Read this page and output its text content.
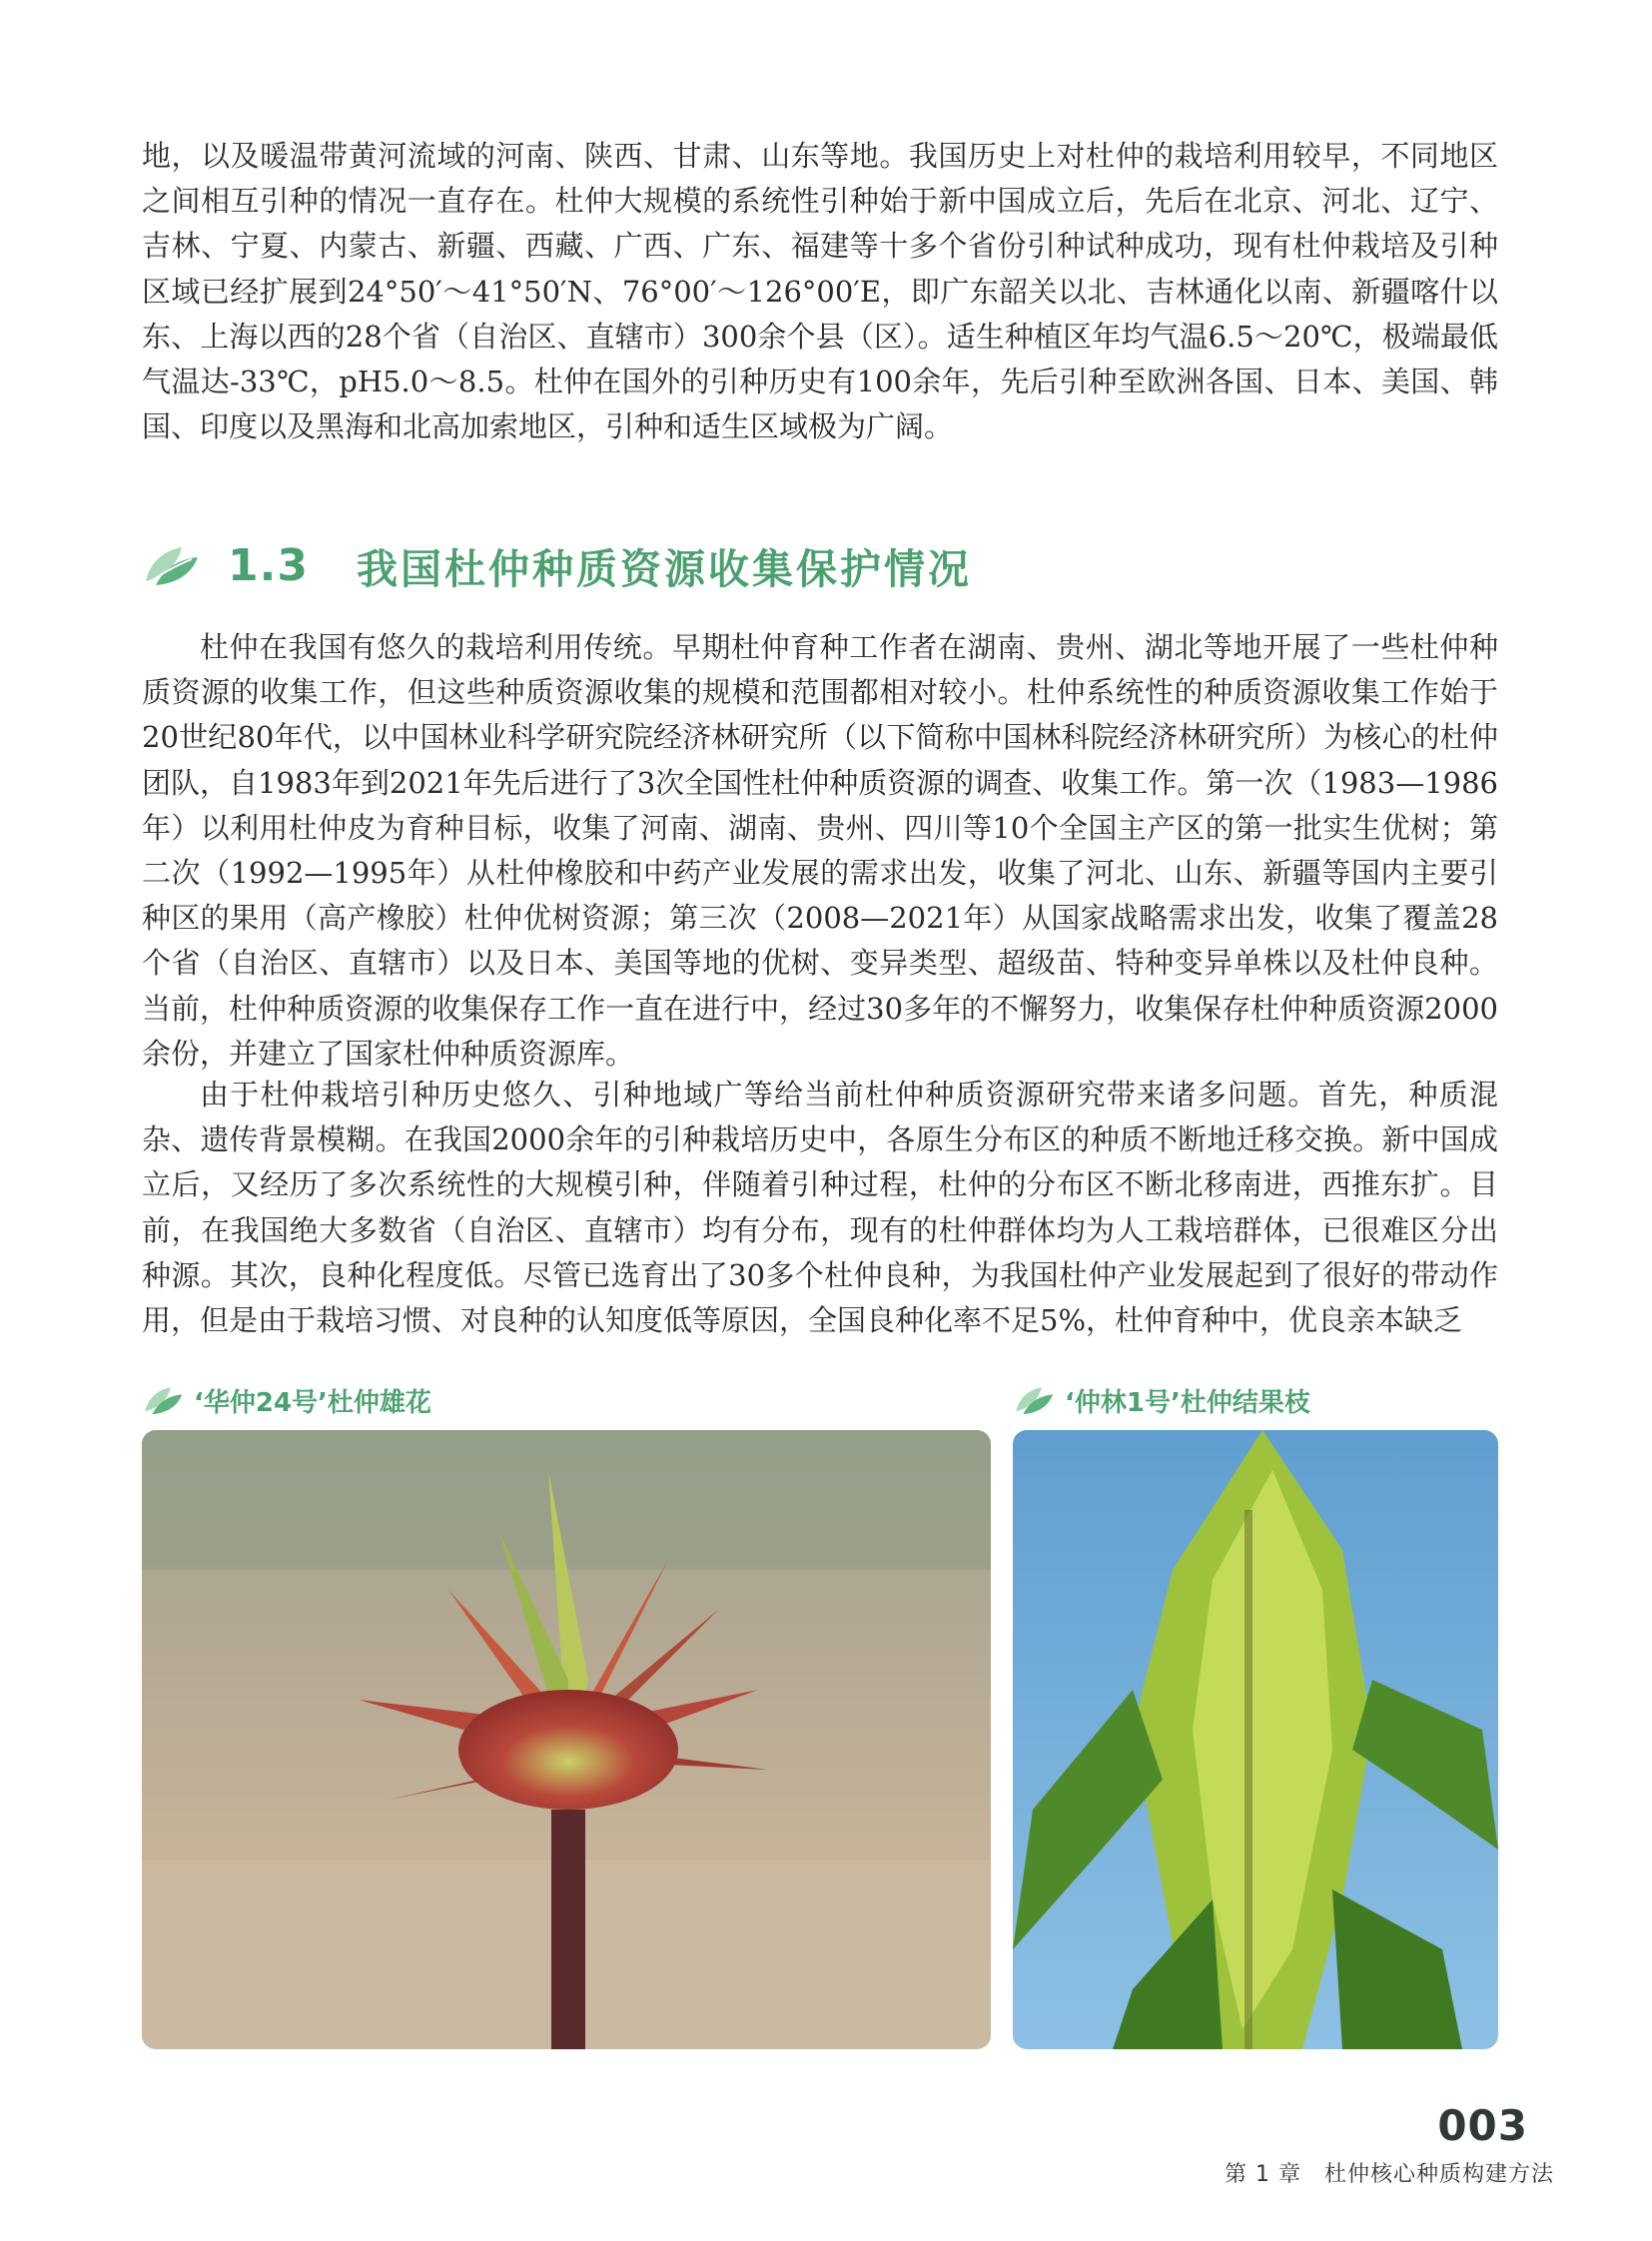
地，以及暖温带黄河流域的河南、陕西、甘肃、山东等地。我国历史上对杜仲的栽培利用较早，不同地区之间相互引种的情况一直存在。杜仲大规模的系统性引种始于新中国成立后，先后在北京、河北、辽宁、吉林、宁夏、内蒙古、新疆、西藏、广西、广东、福建等十多个省份引种试种成功，现有杜仲栽培及引种区域已经扩展到24°50′～41°50′N、76°00′～126°00′E，即广东韶关以北、吉林通化以南、新疆喀什以东、上海以西的28个省（自治区、直辖市）300余个县（区）。适生种植区年均气温6.5～20℃，极端最低气温达-33℃，pH5.0～8.5。杜仲在国外的引种历史有100余年，先后引种至欧洲各国、日本、美国、韩国、印度以及黑海和北高加索地区，引种和适生区域极为广阔。

1.3 我国杜仲种质资源收集保护情况

杜仲在我国有悠久的栽培利用传统。早期杜仲育种工作者在湖南、贵州、湖北等地开展了一些杜仲种质资源的收集工作，但这些种质资源收集的规模和范围都相对较小。杜仲系统性的种质资源收集工作始于20世纪80年代，以中国林业科学研究院经济林研究所（以下简称中国林科院经济林研究所）为核心的杜仲团队，自1983年到2021年先后进行了3次全国性杜仲种质资源的调查、收集工作。第一次（1983—1986年）以利用杜仲皮为育种目标，收集了河南、湖南、贵州、四川等10个全国主产区的第一批实生优树；第二次（1992—1995年）从杜仲橡胶和中药产业发展的需求出发，收集了河北、山东、新疆等国内主要引种区的果用（高产橡胶）杜仲优树资源；第三次（2008—2021年）从国家战略需求出发，收集了覆盖28个省（自治区、直辖市）以及日本、美国等地的优树、变异类型、超级苗、特种变异单株以及杜仲良种。当前，杜仲种质资源的收集保存工作一直在进行中，经过30多年的不懈努力，收集保存杜仲种质资源2000余份，并建立了国家杜仲种质资源库。

由于杜仲栽培引种历史悠久、引种地域广等给当前杜仲种质资源研究带来诸多问题。首先，种质混杂、遗传背景模糊。在我国2000余年的引种栽培历史中，各原生分布区的种质不断地迁移交换。新中国成立后，又经历了多次系统性的大规模引种，伴随着引种过程，杜仲的分布区不断北移南进，西推东扩。目前，在我国绝大多数省（自治区、直辖市）均有分布，现有的杜仲群体均为人工栽培群体，已很难区分出种源。其次，良种化程度低。尽管已选育出了30多个杜仲良种，为我国杜仲产业发展起到了很好的带动作用，但是由于栽培习惯、对良种的认知度低等原因，全国良种化率不足5%，杜仲育种中，优良亲本缺乏

‘华仲24号’杜仲雄花	‘仲林1号’杜仲结果枝
003
第 1 章　杜仲核心种质构建方法
